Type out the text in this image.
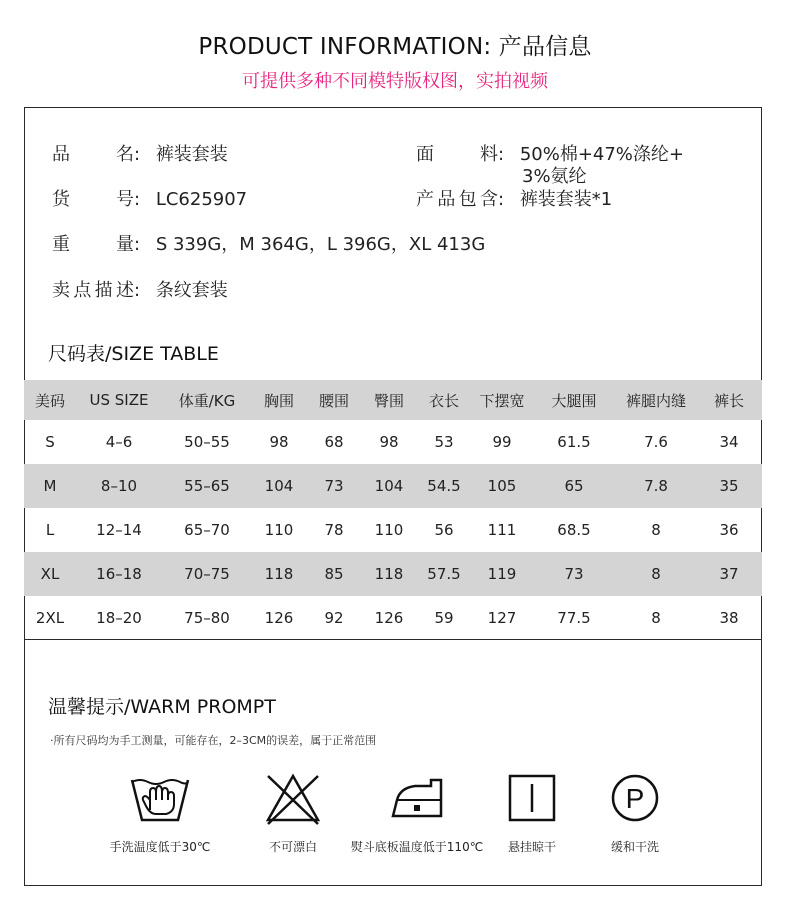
PRODUCT INFORMATION: 产品信息
可提供多种不同模特版权图，实拍视频
品名: 裤装套装
货号: LC625907
重量: S 339G，M 364G，L 396G，XL 413G
卖点描述: 条纹套装
面料: 50%棉+47%涤纶+
3%氨纶
产品包含: 裤装套装*1
尺码表/SIZE TABLE
美码	US SIZE	体重/KG	胸围	腰围	臀围	衣长	下摆宽	大腿围	裤腿内缝	裤长
S	4–6	50–55	98	68	98	53	99	61.5	7.6	34
M	8–10	55–65	104	73	104	54.5	105	65	7.8	35
L	12–14	65–70	110	78	110	56	111	68.5	8	36
XL	16–18	70–75	118	85	118	57.5	119	73	8	37
2XL	18–20	75–80	126	92	126	59	127	77.5	8	38
温馨提示/WARM PROMPT
·所有尺码均为手工测量，可能存在，2–3CM的误差，属于正常范围
手洗温度低于30℃	不可漂白	熨斗底板温度低于110℃	悬挂晾干
P
缓和干洗
